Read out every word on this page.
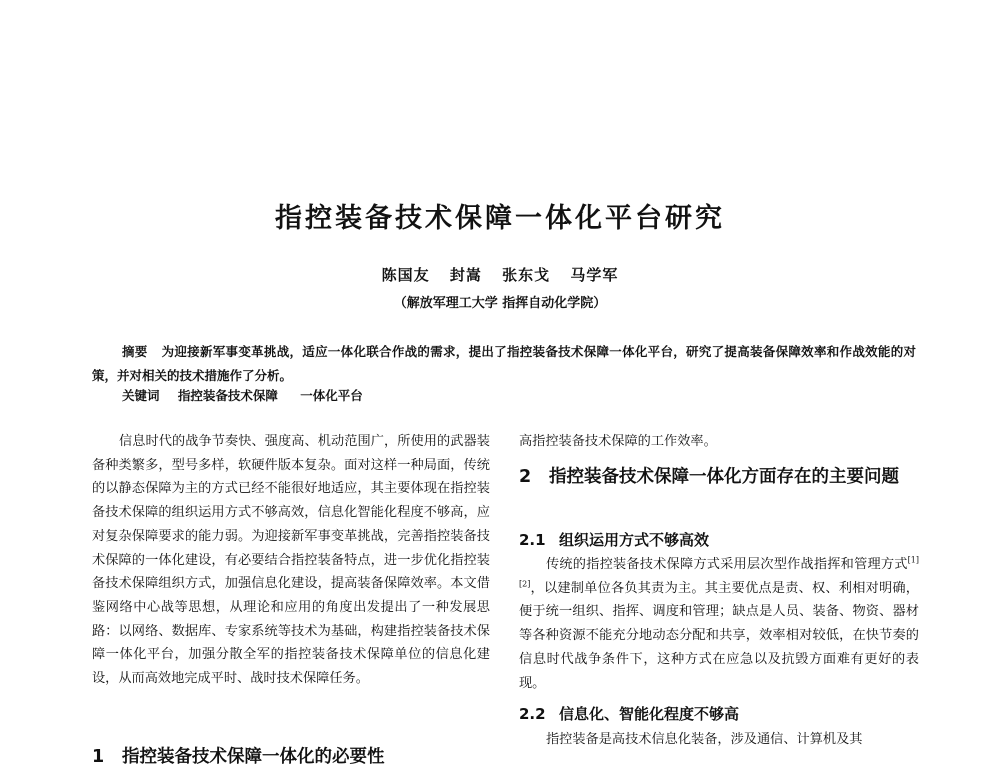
指控装备技术保障一体化平台研究
陈国友 封嵩 张东戈 马学军
（解放军理工大学 指挥自动化学院）
摘要 为迎接新军事变革挑战，适应一体化联合作战的需求，提出了指控装备技术保障一体化平台，研究了提高装备保障效率和作战效能的对策，并对相关的技术措施作了分析。
关键词 指控装备技术保障 一体化平台

信息时代的战争节奏快、强度高、机动范围广，所使用的武器装备种类繁多，型号多样，软硬件版本复杂。面对这样一种局面，传统的以静态保障为主的方式已经不能很好地适应，其主要体现在指控装备技术保障的组织运用方式不够高效，信息化智能化程度不够高，应对复杂保障要求的能力弱。为迎接新军事变革挑战，完善指控装备技术保障的一体化建设，有必要结合指控装备特点，进一步优化指控装备技术保障组织方式，加强信息化建设，提高装备保障效率。本文借鉴网络中心战等思想，从理论和应用的角度出发提出了一种发展思路：以网络、数据库、专家系统等技术为基础，构建指控装备技术保障一体化平台，加强分散全军的指控装备技术保障单位的信息化建设，从而高效地完成平时、战时技术保障任务。

1 指控装备技术保障一体化的必要性
高指控装备技术保障的工作效率。
2 指控装备技术保障一体化方面存在的主要问题
2.1 组织运用方式不够高效
传统的指控装备技术保障方式采用层次型作战指挥和管理方式[1][2]，以建制单位各负其责为主。其主要优点是责、权、利相对明确，便于统一组织、指挥、调度和管理；缺点是人员、装备、物资、器材等各种资源不能充分地动态分配和共享，效率相对较低，在快节奏的信息时代战争条件下，这种方式在应急以及抗毁方面难有更好的表现。
2.2 信息化、智能化程度不够高
指控装备是高技术信息化装备，涉及通信、计算机及其
